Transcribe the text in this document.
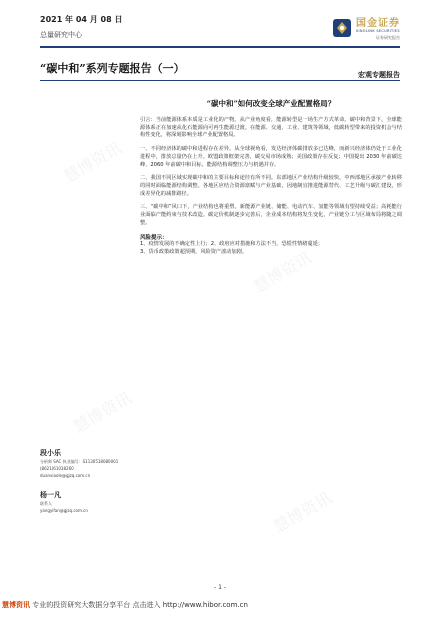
2021 年 04 月 08 日
总量研究中心
国金证券
SINOLINK SECURITIES
证券研究报告
“碳中和”系列专题报告（一）	宏观专题报告
段小乐
分析师 SAC 执业编号：S1130518080001
(8621)61038260
duanxiaole@gjzq.com.cn
杨一凡
联系人
yangyifan@gjzq.com.cn
“碳中和”如何改变全球产业配置格局？

引言：当前能源体系本质是工业化的产物。从产业角度看，能源转型是一场生产方式革命。碳中和背景下，全球能源体系正在加速从化石能源向可再生能源过渡。在能源、交通、工业、建筑等领域，低碳转型带来的投资机会与结构性变化，将深刻影响全球产业配置格局。

一、不同经济体的碳中和进程存在差异。从全球视角看，发达经济体碳排放多已达峰，而新兴经济体仍处于工业化进程中，排放总量仍在上升。欧盟政策框架完善，碳交易市场成熟；美国政策存在反复；中国提出 2030 年前碳达峰、2060 年前碳中和目标，能源结构调整压力与机遇并存。

二、我国不同区域实现碳中和的主要目标和途径有所不同。东部地区产业结构升级较快，中西部地区承接产业转移的同时面临能源结构调整。各地区应结合资源禀赋与产业基础，因地制宜推进能源替代、工艺升级与碳汇建设，形成差异化的减排路径。

三、“碳中和”风口下，产业结构也将重塑。新能源产业链、储能、电动汽车、氢能等领域有望持续受益；高耗能行业面临产能约束与技术改造。碳定价机制逐步完善后，企业成本结构将发生变化，产业链分工与区域布局将随之调整。

风险提示：
1、疫情发展的不确定性上行；2、政府应对措施和方法不当，恐慌性情绪蔓延；
3、货币政策政策超预期，风险资产波动加剧。
慧博资讯
慧博资讯
慧博资讯
慧博资讯
- 1 -
慧博资讯 专业的投资研究大数据分享平台 点击进入 http://www.hibor.com.cn
